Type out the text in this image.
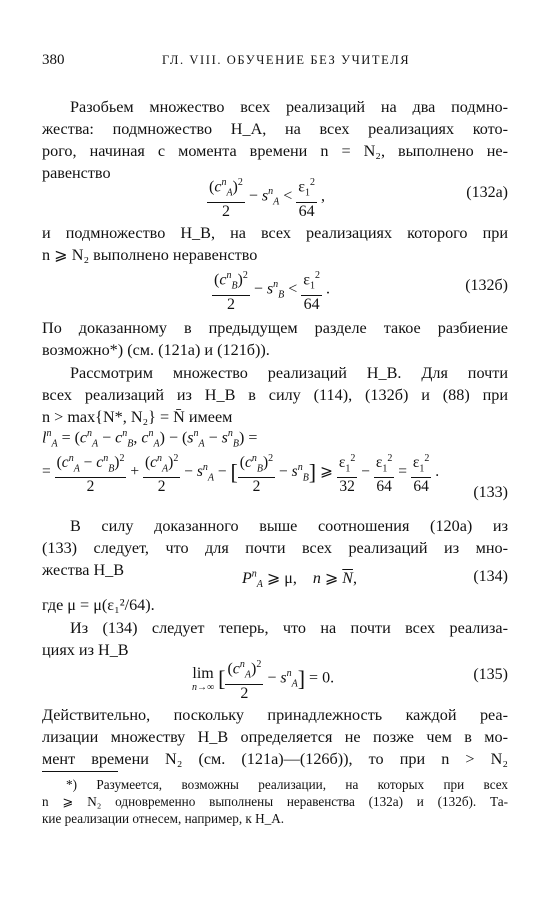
380	ГЛ. VIII. ОБУЧЕНИЕ БЕЗ УЧИТЕЛЯ
Разобьем множество всех реализаций на два подмно-
жества: подмножество H_A, на всех реализациях кото-
рого, начиная с момента времени n = N₂, выполнено не-
равенство
$\frac{(c^n_A)^2}{2} - s^n_A < \frac{\varepsilon_1^2}{64}$ ,	(132а)
и подмножество H_B, на всех реализациях которого при
n ⩾ N₂ выполнено неравенство
$\frac{(c^n_B)^2}{2} - s^n_B < \frac{\varepsilon_1^2}{64}$ .	(132б)
По доказанному в предыдущем разделе такое разбиение
возможно*) (см. (121а) и (121б)).
Рассмотрим множество реализаций H_B. Для почти
всех реализаций из H_B в силу (114), (132б) и (88) при
n > max{N*, N₂} = N̄ имеем
$l^n_A = (c^n_A - c^n_B$, $c^n_A) - (s^n_A - s^n_B)$ =
= $\frac{(c^n_A - c^n_B)^2}{2} + \frac{(c^n_A)^2}{2} - s^n_A$ − [ $\frac{(c^n_B)^2}{2} - s^n_B$] ⩾ $\frac{\varepsilon_1^2}{32} - \frac{\varepsilon_1^2}{64} = \frac{\varepsilon_1^2}{64}$ .
(133)
В силу доказанного выше соотношения (120а) из
(133) следует, что для почти всех реализаций из мно-
жества H_B	$P^n_A$ ⩾ μ,    n ⩾ $\overline{N}$,	(134)
где μ = μ(ε₁²/64).
Из (134) следует теперь, что на почти всех реализа-
циях из H_B
lim
n→∞ [ $\frac{(c^n_A)^2}{2} - s^n_A] = 0$.	(135)
Действительно, поскольку принадлежность каждой реа-
лизации множеству H_B определяется не позже чем в мо-
мент времени N₂ (см. (121а)—(126б)), то при n > N₂
*) Разумеется, возможны реализации, на которых при всех
n ⩾ N₂ одновременно выполнены неравенства (132а) и (132б). Та-
кие реализации отнесем, например, к H_A.
